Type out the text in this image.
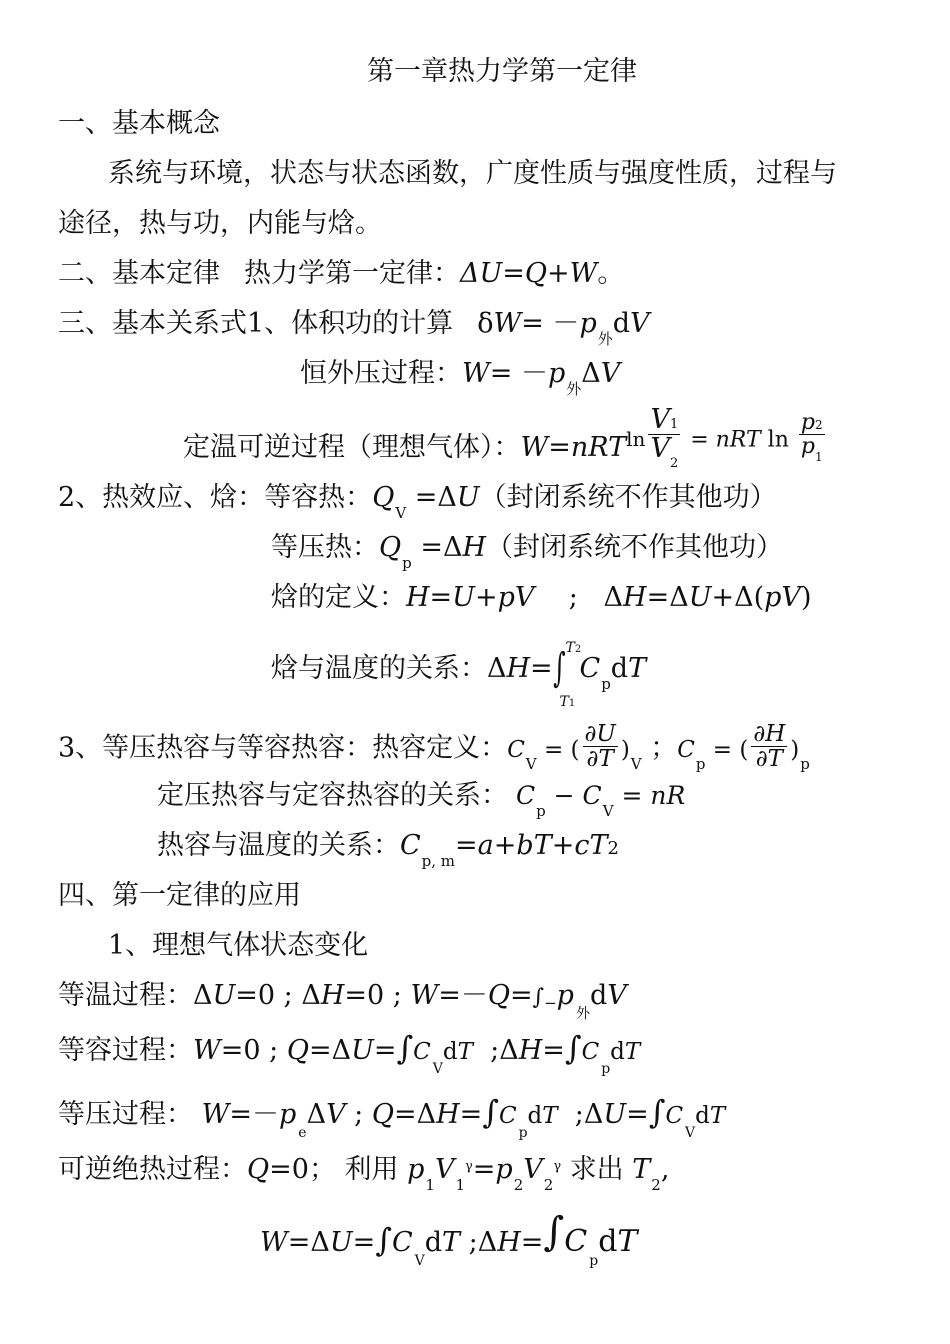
第一章热力学第一定律
一、基本概念
系统与环境，状态与状态函数，广度性质与强度性质，过程与
途径，热与功，内能与焓。
二、基本定律 热力学第一定律：ΔU=Q+W。
三、基本关系式1、体积功的计算 $\delta W= -p_外dV$
恒外压过程：$W= -p_外\Delta V$
定温可逆过程（理想气体）：$W=nRTln \frac{V1}{V_2}$ = nRT $\ln \frac{p2}{p_1}$
2、热效应、焓：等容热：$Q_V =\Delta U$（封闭系统不作其他功）
等压热：$Q_p =\Delta H$（封闭系统不作其他功）
焓的定义：H=U+pV    ;   ΔH=ΔU+Δ(pV)
焓与温度的关系：ΔH=∫ T2
T1
$C_pdT$
3、等压热容与等容热容：热容定义：$C_V$ = ( $\frac{\partial U}{\partial T} )_V$ ；$C_p$ = ( $\frac{\partial H}{\partial T} )_p$
定压热容与定容热容的关系： $C_p - C_V$ = nR
热容与温度的关系：$C_{p, m}=a+bT+cT2$
四、第一定律的应用
1、理想气体状态变化
等温过程：ΔU=0 ; ΔH=0 ; $W=-Q=\int-p_外dV$
等容过程：W=0 ; $Q=\Delta U=\int C_VdT$  $;\Delta H=\int C_pdT$
等压过程： $W=-p_e\Delta V$ ; $Q=\Delta H=\int C_pdT$  $;\Delta U=\int C_VdT$
可逆绝热过程：Q=0； 利用 $p_1V_1^\gamma=p_2V_2^\gamma$ 求出 $T_2$,
$W=\Delta U=\int C_VdT$ $;\Delta H=\int C_pdT$
